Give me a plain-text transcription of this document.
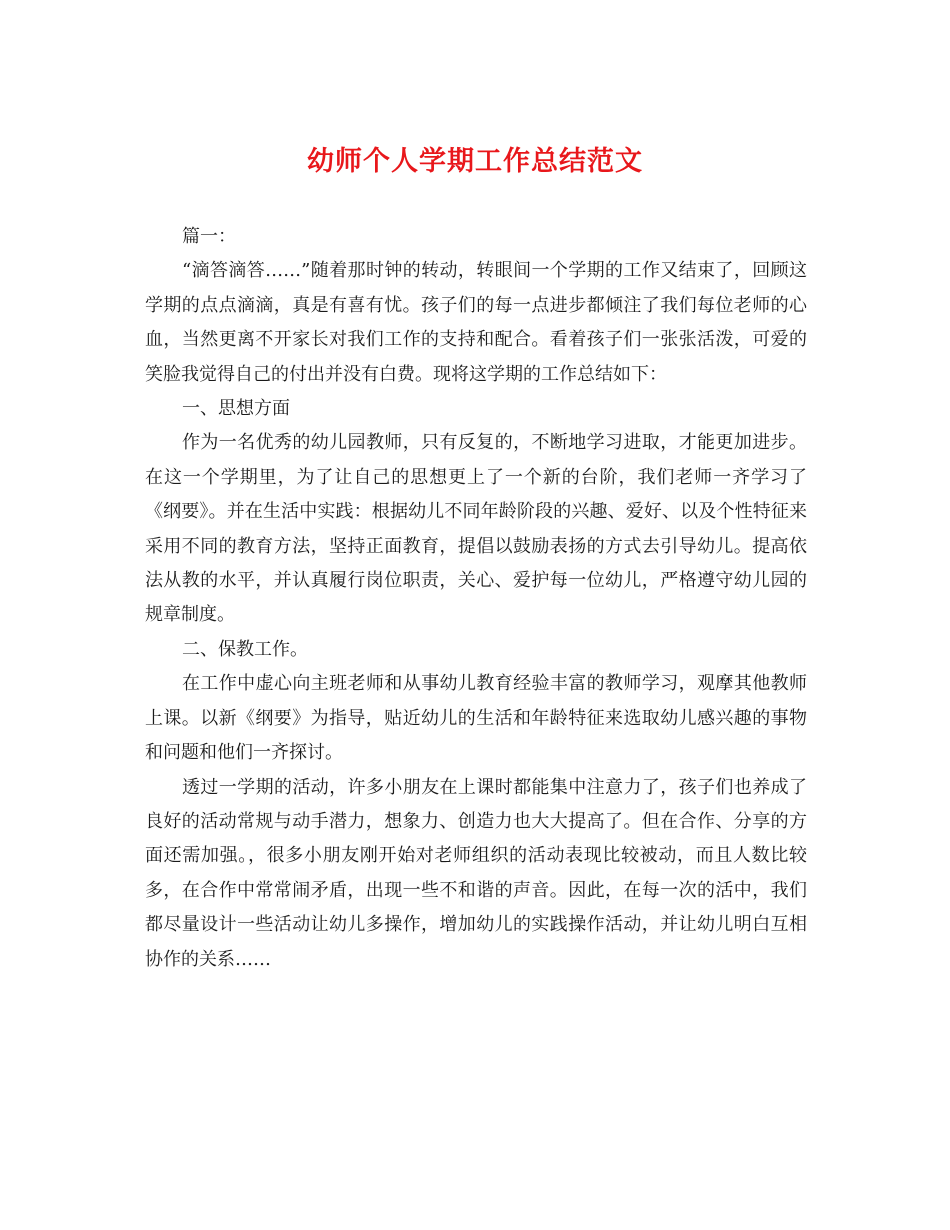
幼师个人学期工作总结范文

篇一：

“滴答滴答……”随着那时钟的转动，转眼间一个学期的工作又结束了，回顾这学期的点点滴滴，真是有喜有忧。孩子们的每一点进步都倾注了我们每位老师的心血，当然更离不开家长对我们工作的支持和配合。看着孩子们一张张活泼，可爱的笑脸我觉得自己的付出并没有白费。现将这学期的工作总结如下：

一、思想方面

作为一名优秀的幼儿园教师，只有反复的，不断地学习进取，才能更加进步。在这一个学期里，为了让自己的思想更上了一个新的台阶，我们老师一齐学习了《纲要》。并在生活中实践：根据幼儿不同年龄阶段的兴趣、爱好、以及个性特征来采用不同的教育方法，坚持正面教育，提倡以鼓励表扬的方式去引导幼儿。提高依法从教的水平，并认真履行岗位职责，关心、爱护每一位幼儿，严格遵守幼儿园的规章制度。

二、保教工作。

在工作中虚心向主班老师和从事幼儿教育经验丰富的教师学习，观摩其他教师上课。以新《纲要》为指导，贴近幼儿的生活和年龄特征来选取幼儿感兴趣的事物和问题和他们一齐探讨。

透过一学期的活动，许多小朋友在上课时都能集中注意力了，孩子们也养成了良好的活动常规与动手潜力，想象力、创造力也大大提高了。但在合作、分享的方面还需加强。，很多小朋友刚开始对老师组织的活动表现比较被动，而且人数比较多，在合作中常常闹矛盾，出现一些不和谐的声音。因此，在每一次的活中，我们都尽量设计一些活动让幼儿多操作，增加幼儿的实践操作活动，并让幼儿明白互相协作的关系……
